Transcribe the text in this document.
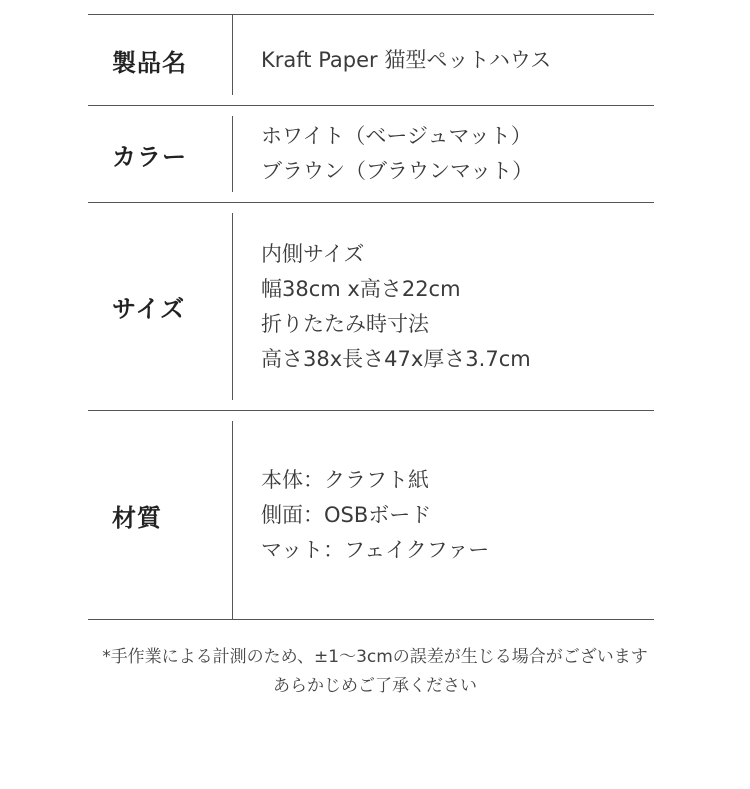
製品名	Kraft Paper 猫型ペットハウス
カラー
ホワイト（ベージュマット）
ブラウン（ブラウンマット）
サイズ
内側サイズ
幅38cm x高さ22cm
折りたたみ時寸法
高さ38x長さ47x厚さ3.7cm
材質
本体：クラフト紙
側面：OSBボード
マット：フェイクファー
*手作業による計測のため、±1〜3cmの誤差が生じる場合がございます
あらかじめご了承ください
